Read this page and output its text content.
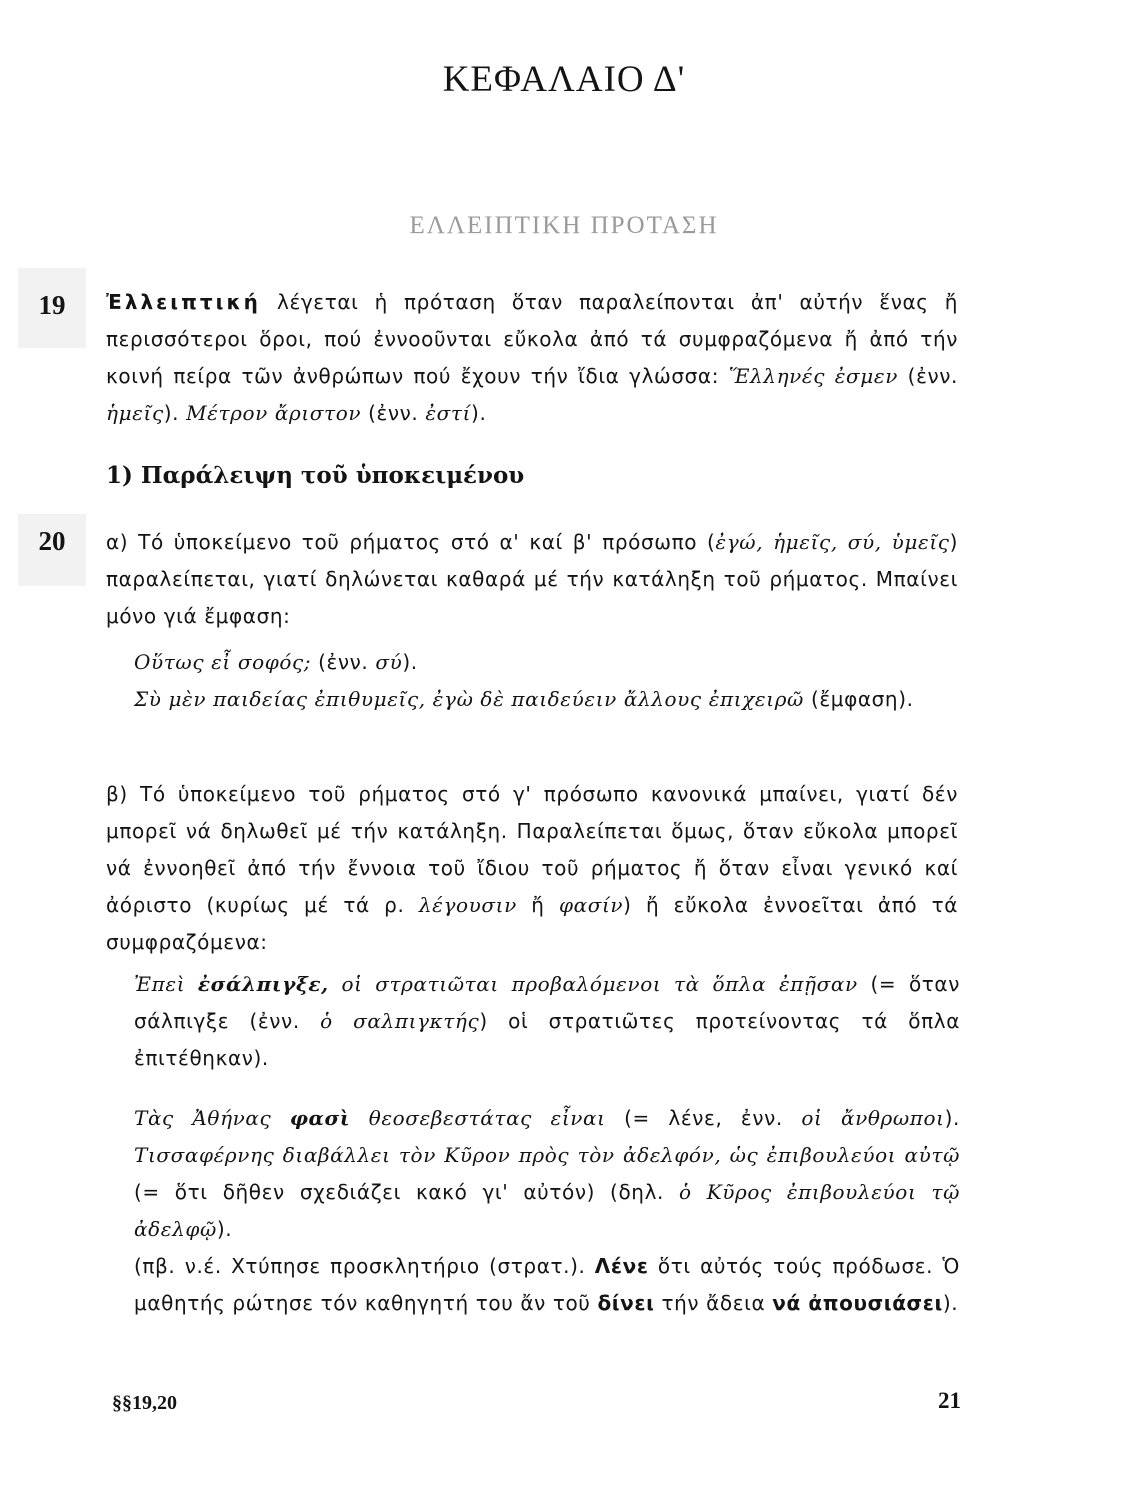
ΚΕΦΑΛΑΙΟ Δ'
ΕΛΛΕΙΠΤΙΚΗ ΠΡΟΤΑΣΗ
19	Ἐλλειπτική λέγεται ἡ πρόταση ὅταν παραλείπονται ἀπ' αὐτήν ἕνας ἤ περισσότεροι ὅροι, πού ἐννοοῦνται εὔκολα ἀπό τά συμφραζόμενα ἤ ἀπό τήν κοινή πείρα τῶν ἀνθρώπων πού ἔχουν τήν ἴδια γλώσσα: Ἕλληνές ἐσμεν (ἐνν. ἡμεῖς). Μέτρον ἄριστον (ἐνν. ἐστί).
1) Παράλειψη τοῦ ὑποκειμένου
20	α) Τό ὑποκείμενο τοῦ ρήματος στό α' καί β' πρόσωπο (ἐγώ, ἡμεῖς, σύ, ὑμεῖς) παραλείπεται, γιατί δηλώνεται καθαρά μέ τήν κατάληξη τοῦ ρήματος. Μπαίνει μόνο γιά ἔμφαση:
Οὕτως εἶ σοφός; (ἐνν. σύ).
Σὺ μὲν παιδείας ἐπιθυμεῖς, ἐγὼ δὲ παιδεύειν ἄλλους ἐπιχειρῶ (ἔμφαση).
β) Τό ὑποκείμενο τοῦ ρήματος στό γ' πρόσωπο κανονικά μπαίνει, γιατί δέν μπορεῖ νά δηλωθεῖ μέ τήν κατάληξη. Παραλείπεται ὅμως, ὅταν εὔκολα μπορεῖ νά ἐννοηθεῖ ἀπό τήν ἔννοια τοῦ ἴδιου τοῦ ρήματος ἤ ὅταν εἶναι γενικό καί ἀόριστο (κυρίως μέ τά ρ. λέγουσιν ἤ φασίν) ἤ εὔκολα ἐννοεῖται ἀπό τά συμφραζόμενα:
Ἐπεὶ ἐσάλπιγξε, οἱ στρατιῶται προβαλόμενοι τὰ ὅπλα ἐπῇσαν (= ὅταν σάλπιγξε (ἐνν. ὁ σαλπιγκτής) οἱ στρατιῶτες προτείνοντας τά ὅπλα ἐπιτέθηκαν).
Τὰς Ἀθήνας φασὶ θεοσεβεστάτας εἶναι (= λένε, ἐνν. οἱ ἄνθρωποι). Τισσαφέρνης διαβάλλει τὸν Κῦρον πρὸς τὸν ἀδελφόν, ὡς ἐπιβουλεύοι αὐτῷ (= ὅτι δῆθεν σχεδιάζει κακό γι' αὐτόν) (δηλ. ὁ Κῦρος ἐπιβουλεύοι τῷ ἀδελφῷ).
(πβ. ν.έ. Χτύπησε προσκλητήριο (στρατ.). Λένε ὅτι αὐτός τούς πρόδωσε. Ὁ μαθητής ρώτησε τόν καθηγητή του ἄν τοῦ δίνει τήν ἄδεια νά ἀπουσιάσει).
§§19,20	21
